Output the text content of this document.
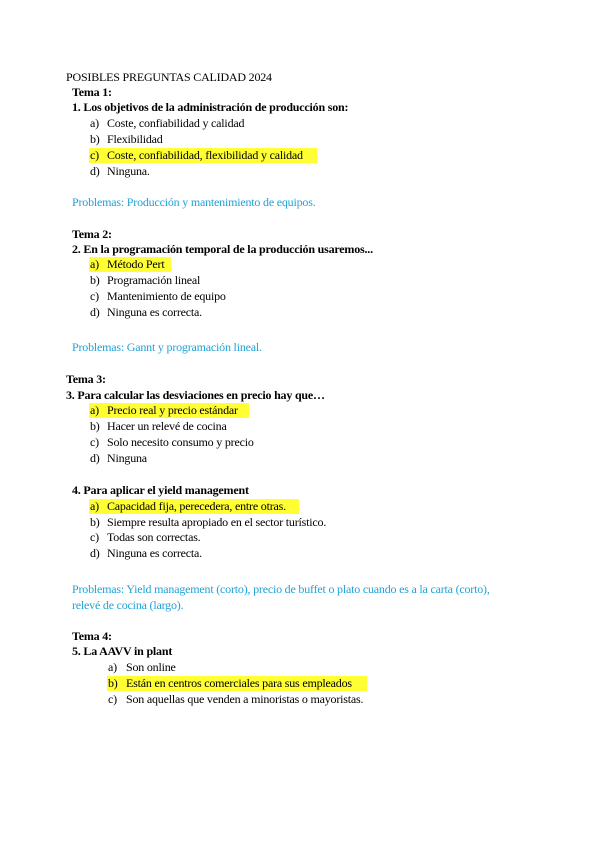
POSIBLES PREGUNTAS CALIDAD 2024
Tema 1:
1. Los objetivos de la administración de producción son:
a) Coste, confiabilidad y calidad
b) Flexibilidad
c) Coste, confiabilidad, flexibilidad y calidad
d) Ninguna.
Problemas: Producción y mantenimiento de equipos.
Tema 2:
2. En la programación temporal de la producción usaremos...
a) Método Pert
b) Programación lineal
c) Mantenimiento de equipo
d) Ninguna es correcta.
Problemas: Gannt y programación lineal.
Tema 3:
3. Para calcular las desviaciones en precio hay que…
a) Precio real y precio estándar
b) Hacer un relevé de cocina
c) Solo necesito consumo y precio
d) Ninguna
4. Para aplicar el yield management
a) Capacidad fija, perecedera, entre otras.
b) Siempre resulta apropiado en el sector turístico.
c) Todas son correctas.
d) Ninguna es correcta.
Problemas: Yield management (corto), precio de buffet o plato cuando es a la carta (corto),
relevé de cocina (largo).
Tema 4:
5. La AAVV in plant
a) Son online
b) Están en centros comerciales para sus empleados
c) Son aquellas que venden a minoristas o mayoristas.
